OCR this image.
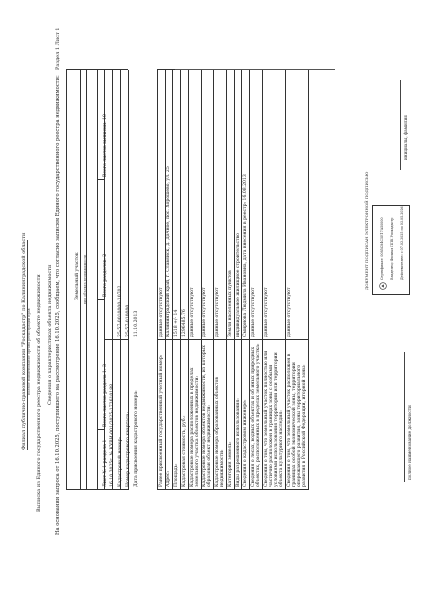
Филиал публично-правовой компании "Роскадастр" по Калининградской области полное наименование органа регистрации прав Выписка из Единого государственного реестра недвижимости об объекте недвижимости Сведения о характеристиках объекта недвижимости На основании запроса от 16.10.2025, поступившего на рассмотрение 16.10.2025, сообщаем, что согласно записям Единого государственного реестра недвижимости:

Раздел 1 Лист 1

Земельный участок вид объекта недвижимости

Лист № 1 раздела 1

Всего листов раздела 1: 3

Всего разделов: 2

Всего листов выписки: 10

16.10.2025г. № КУВИ-001/2025-172610188 Кадастровый номер:

25:57:0010000:10702

Номер кадастрового квартала:

25:57:010000

Дата присвоения кадастрового номера:

11.10.2013

Ранее присвоенный государственный учетный номер:
данные отсутствуют
Адрес:
Калининградский край, г. Славянск, д. Дачное, пос. Хорошево, ул. 25
Площадь:
1518 +/- 14
Кадастровая стоимость, руб.:
1296485.76
Кадастровые номера расположенных в пределах земельного участка объектов недвижимости:
данные отсутствуют
Кадастровые номера объектов недвижимости, из которых образован объект недвижимости:
данные отсутствуют
Кадастровые номера образованных объектов недвижимости:
данные отсутствуют
Категория земель:
Земли населенных пунктов
Виды разрешенного использования:
индивидуальное жилищное строительство
Сведения о кадастровом инженере:
Смирнова Людмила Ивановна, дата внесения в реестр: 16.08.2013
Сведения о лесах, водных объектах и об иных природных объектах, расположенных в пределах земельного участка:
данные отсутствуют
Сведения о том, что земельный участок полностью или частично расположен в границах зоны с особыми условиями использования территории или территории объекта культурного наследия:
данные отсутствуют
Сведения о том, что земельный участок расположен в границах особой экономической зоны, территории опережающего развития, зоны территориального развития в Российской Федерации, игорной зоны:
данные отсутствуют

полное наименование должности

ДОКУМЕНТ ПОДПИСАН ЭЛЕКТРОННОЙ ПОДПИСЬЮ	Сертификат: 0085C84C5E17A50000 Владелец: Филиал ППК Роскадастр Действителен: с 07.02.2025 по 03.05.2026

инициалы, фамилия
